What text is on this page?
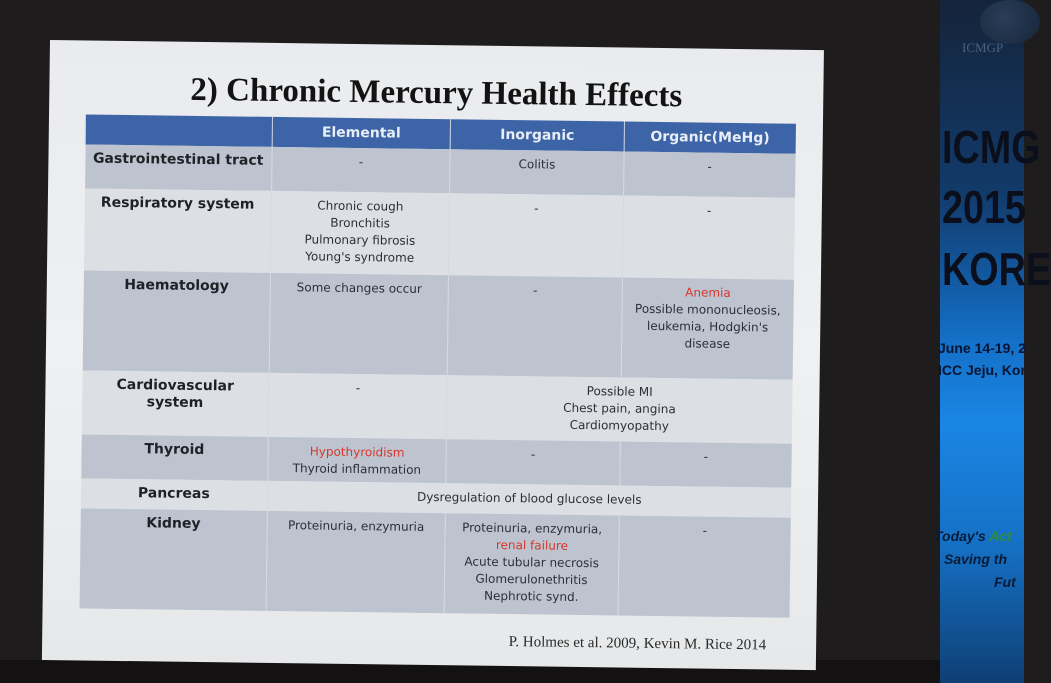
ICMGP
ICMG
2015
KORE
June 14-19, 2
ICC Jeju, Kor
Today's Act
Saving th
Fut
2) Chronic Mercury Health Effects
	Elemental	Inorganic	Organic(MeHg)
Gastrointestinal tract	-	Colitis	-

Respiratory system	Chronic cough
Bronchitis
Pulmonary fibrosis
Young's syndrome	-	-

Haematology	Some changes occur	-	Anemia
Possible mononucleosis,
leukemia, Hodgkin's
disease

Cardiovascular system	-	Possible MI
Chest pain, angina
Cardiomyopathy	

Thyroid	Hypothyroidism
Thyroid inflammation	-	-

Pancreas	Dysregulation of blood glucose levels		

Kidney	Proteinuria, enzymuria	Proteinuria, enzymuria,
renal failure
Acute tubular necrosis
Glomerulonethritis
Nephrotic synd.	-
P. Holmes et al. 2009, Kevin M. Rice 2014
